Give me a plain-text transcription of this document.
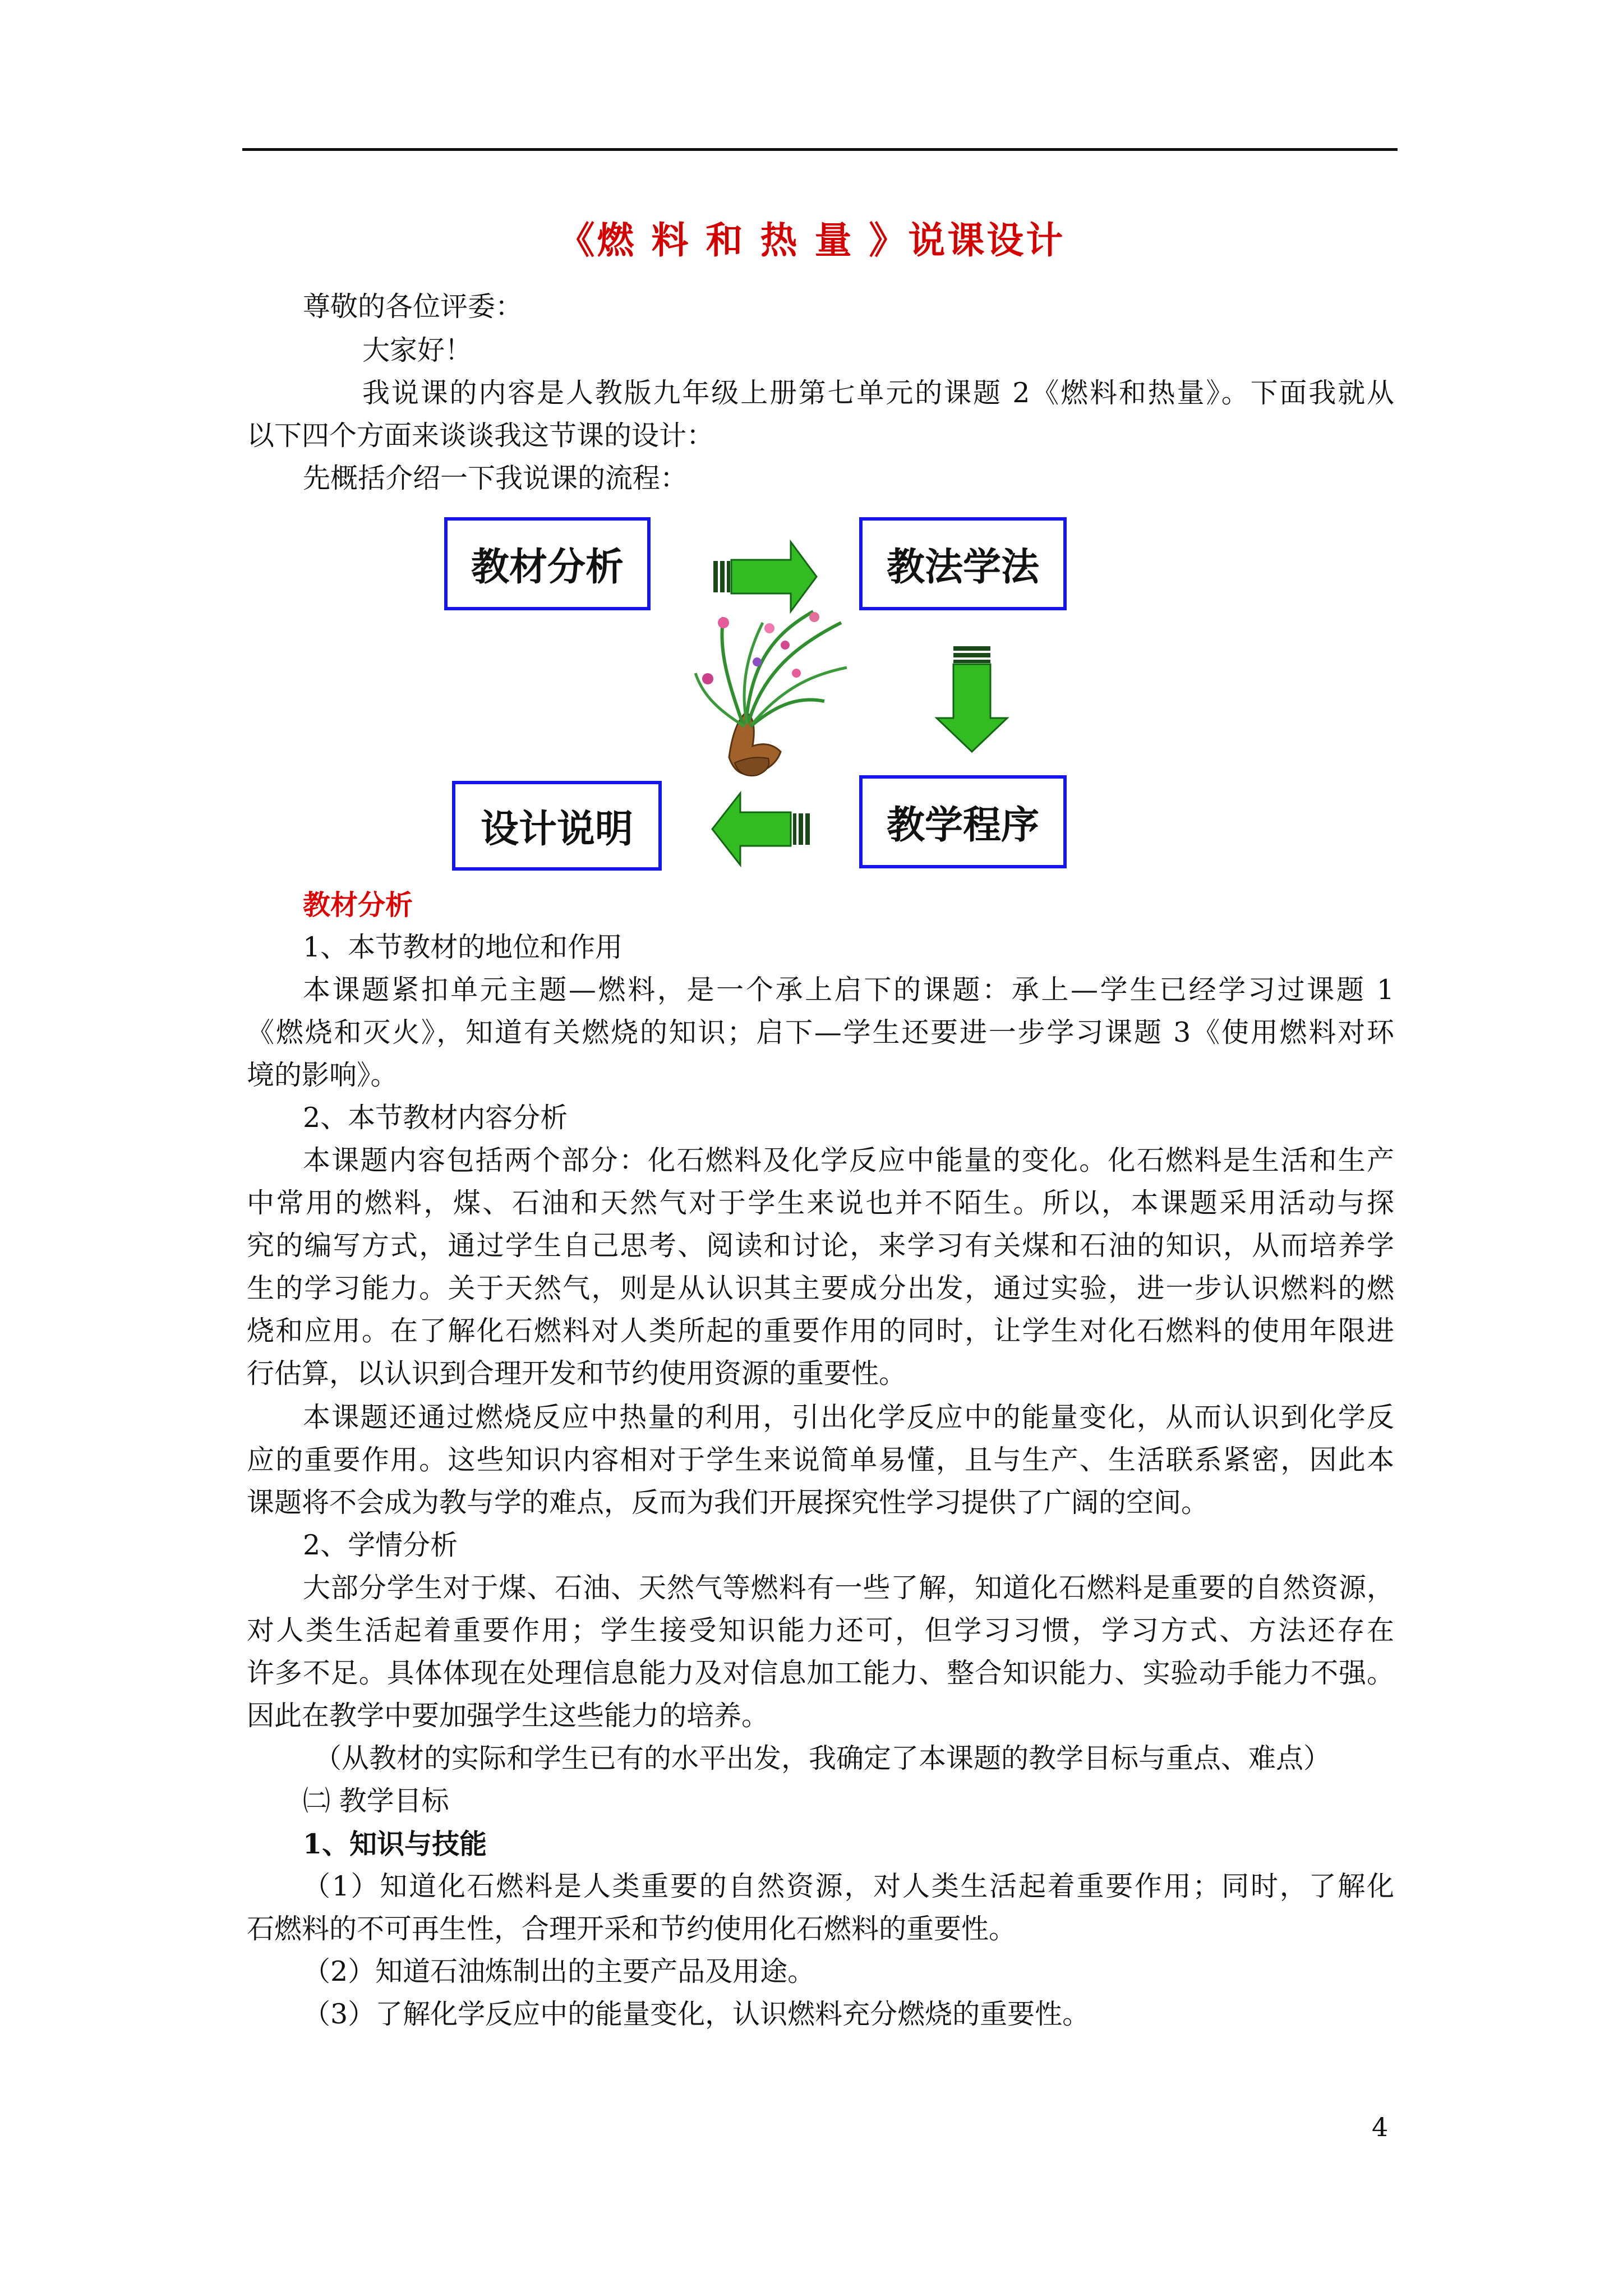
《燃 料 和 热 量 》说课设计
尊敬的各位评委：
大家好！
我说课的内容是人教版九年级上册第七单元的课题 2《燃料和热量》。下面我就从
以下四个方面来谈谈我这节课的设计：
先概括介绍一下我说课的流程：
教材分析	教法学法
教学程序
设计说明
教材分析
1、本节教材的地位和作用
本课题紧扣单元主题—燃料，是一个承上启下的课题：承上—学生已经学习过课题 1
《燃烧和灭火》，知道有关燃烧的知识；启下—学生还要进一步学习课题 3《使用燃料对环
境的影响》。
2、本节教材内容分析
本课题内容包括两个部分：化石燃料及化学反应中能量的变化。化石燃料是生活和生产
中常用的燃料，煤、石油和天然气对于学生来说也并不陌生。所以，本课题采用活动与探
究的编写方式，通过学生自己思考、阅读和讨论，来学习有关煤和石油的知识，从而培养学
生的学习能力。关于天然气，则是从认识其主要成分出发，通过实验，进一步认识燃料的燃
烧和应用。在了解化石燃料对人类所起的重要作用的同时，让学生对化石燃料的使用年限进
行估算，以认识到合理开发和节约使用资源的重要性。
本课题还通过燃烧反应中热量的利用，引出化学反应中的能量变化，从而认识到化学反
应的重要作用。这些知识内容相对于学生来说简单易懂，且与生产、生活联系紧密，因此本
课题将不会成为教与学的难点，反而为我们开展探究性学习提供了广阔的空间。
2、学情分析
大部分学生对于煤、石油、天然气等燃料有一些了解，知道化石燃料是重要的自然资源，
对人类生活起着重要作用；学生接受知识能力还可，但学习习惯，学习方式、方法还存在
许多不足。具体体现在处理信息能力及对信息加工能力、整合知识能力、实验动手能力不强。
因此在教学中要加强学生这些能力的培养。
（从教材的实际和学生已有的水平出发，我确定了本课题的教学目标与重点、难点）
㈡ 教学目标
1、知识与技能
（1）知道化石燃料是人类重要的自然资源，对人类生活起着重要作用；同时，了解化
石燃料的不可再生性，合理开采和节约使用化石燃料的重要性。
（2）知道石油炼制出的主要产品及用途。
（3）了解化学反应中的能量变化，认识燃料充分燃烧的重要性。
4
